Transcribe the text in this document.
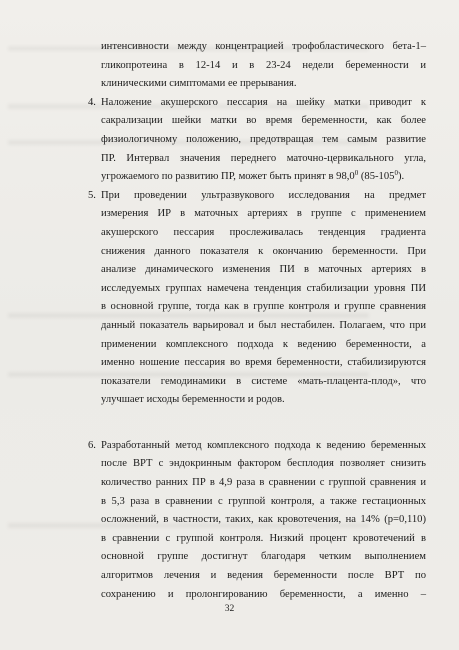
интенсивности между концентрацией трофобластического бета-1–
гликопротеина в 12-14 и в 23-24 недели беременности и
клиническими симптомами ее прерывания.
4. Наложение акушерского пессария на шейку матки приводит к
сакрализации шейки матки во время беременности, как более
физиологичному положению, предотвращая тем самым развитие
ПР. Интервал значения переднего маточно-цервикального угла,
угрожаемого по развитию ПР, может быть принят в 98,0$^0$ $(85-105^0)$.
5. При проведении ультразвукового исследования на предмет
измерения ИР в маточных артериях в группе с применением
акушерского пессария прослеживалась тенденция градиента
снижения данного показателя к окончанию беременности. При
анализе динамического изменения ПИ в маточных артериях в
исследуемых группах намечена тенденция стабилизации уровня ПИ
в основной группе, тогда как в группе контроля и группе сравнения
данный показатель варьировал и был нестабилен. Полагаем, что при
применении комплексного подхода к ведению беременности, а
именно ношение пессария во время беременности, стабилизируются
показатели гемодинамики в системе «мать-плацента-плод», что
улучшает исходы беременности и родов.
6. Разработанный метод комплексного подхода к ведению беременных
после ВРТ с эндокринным фактором бесплодия позволяет снизить
количество ранних ПР в 4,9 раза в сравнении с группой сравнения и
в 5,3 раза в сравнении с группой контроля, а также гестационных
осложнений, в частности, таких, как кровотечения, на 14% (р=0,110)
в сравнении с группой контроля. Низкий процент кровотечений в
основной группе достигнут благодаря четким выполнением
алгоритмов лечения и ведения беременности после ВРТ по
сохранению и пролонгированию беременности, а именно –
32
